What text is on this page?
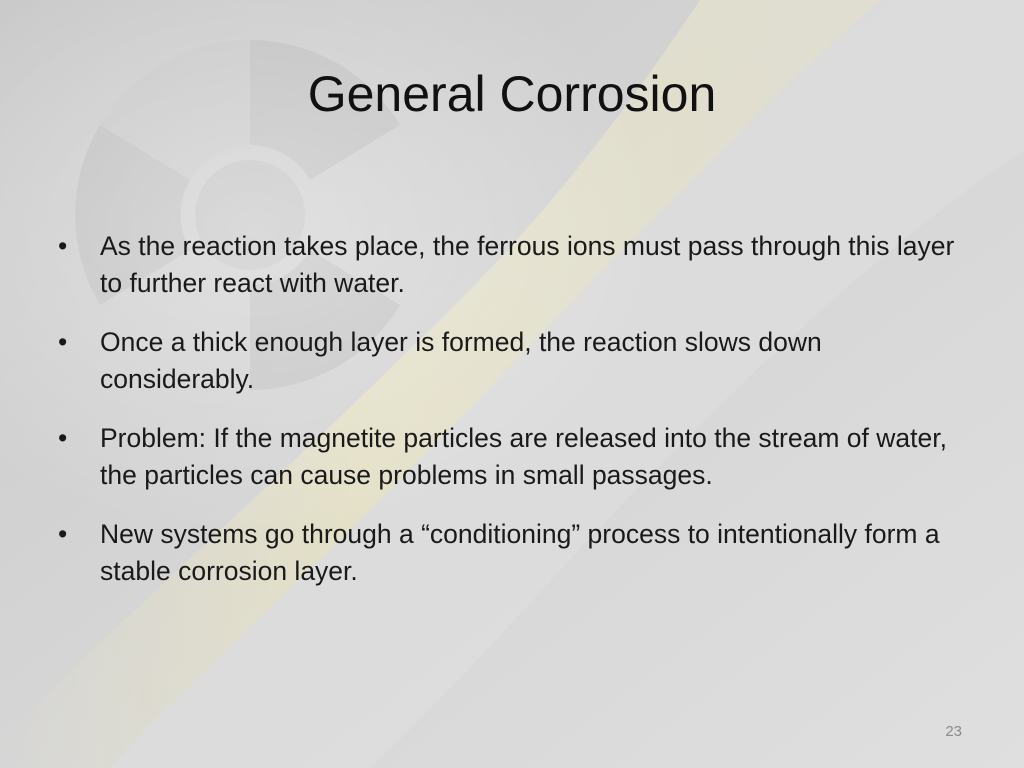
General Corrosion
•	As the reaction takes place, the ferrous ions must pass through this layer to further react with water.
•	Once a thick enough layer is formed, the reaction slows down considerably.
•	Problem: If the magnetite particles are released into the stream of water, the particles can cause problems in small passages.
•	New systems go through a “conditioning” process to intentionally form a stable corrosion layer.
23
